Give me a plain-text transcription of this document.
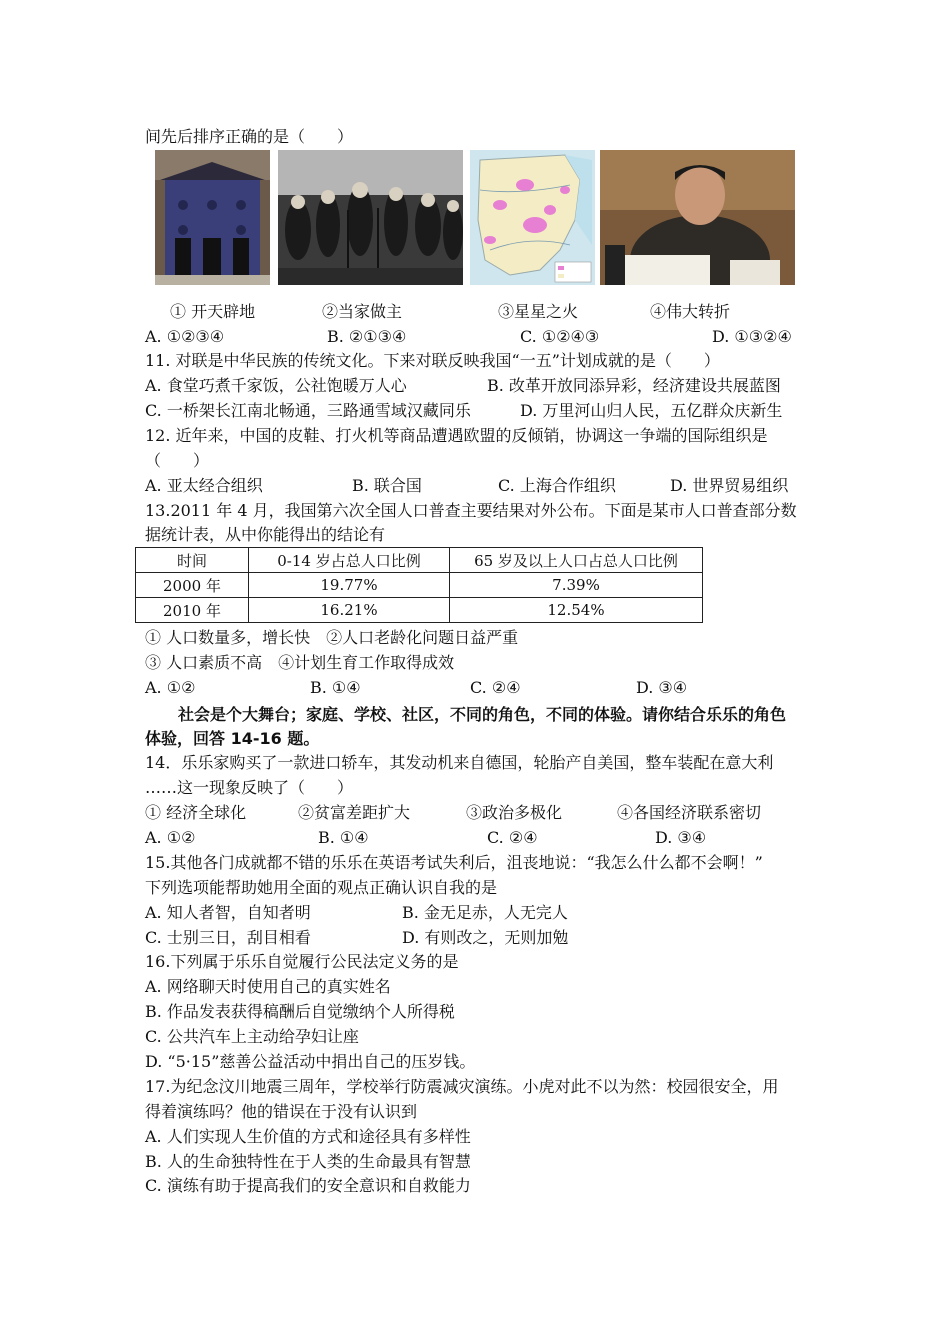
间先后排序正确的是（　　）
① 开天辟地	②当家做主	③星星之火	④伟大转折
A. ①②③④	B. ②①③④	C. ①②④③	D. ①③②④
11. 对联是中华民族的传统文化。下来对联反映我国“一五”计划成就的是（　　）
A. 食堂巧煮千家饭，公社饱暖万人心	B. 改革开放同添异彩，经济建设共展蓝图
C. 一桥架长江南北畅通，三路通雪域汉藏同乐	D. 万里河山归人民，五亿群众庆新生
12. 近年来，中国的皮鞋、打火机等商品遭遇欧盟的反倾销，协调这一争端的国际组织是
（　　）
A. 亚太经合组织	B. 联合国	C. 上海合作组织	D. 世界贸易组织
13.2011 年 4 月，我国第六次全国人口普查主要结果对外公布。下面是某市人口普查部分数
据统计表，从中你能得出的结论有
时间	0-14 岁占总人口比例	65 岁及以上人口占总人口比例
2000 年	19.77%	7.39%
2010 年	16.21%	12.54%
① 人口数量多，增长快　②人口老龄化问题日益严重
③ 人口素质不高　④计划生育工作取得成效
A. ①②	B. ①④	C. ②④	D. ③④
社会是个大舞台；家庭、学校、社区，不同的角色，不同的体验。请你结合乐乐的角色
体验，回答 14-16 题。
14．乐乐家购买了一款进口轿车，其发动机来自德国，轮胎产自美国，整车装配在意大利
……这一现象反映了（　　）
① 经济全球化	②贫富差距扩大	③政治多极化	④各国经济联系密切
A. ①②	B. ①④	C. ②④	D. ③④
15.其他各门成就都不错的乐乐在英语考试失利后，沮丧地说：“我怎么什么都不会啊！”
下列选项能帮助她用全面的观点正确认识自我的是
A. 知人者智，自知者明	B. 金无足赤，人无完人
C. 士别三日，刮目相看	D. 有则改之，无则加勉
16.下列属于乐乐自觉履行公民法定义务的是
A. 网络聊天时使用自己的真实姓名
B. 作品发表获得稿酬后自觉缴纳个人所得税
C. 公共汽车上主动给孕妇让座
D. “5·15”慈善公益活动中捐出自己的压岁钱。
17.为纪念汶川地震三周年，学校举行防震减灾演练。小虎对此不以为然：校园很安全，用
得着演练吗？他的错误在于没有认识到
A. 人们实现人生价值的方式和途径具有多样性
B. 人的生命独特性在于人类的生命最具有智慧
C. 演练有助于提高我们的安全意识和自救能力
